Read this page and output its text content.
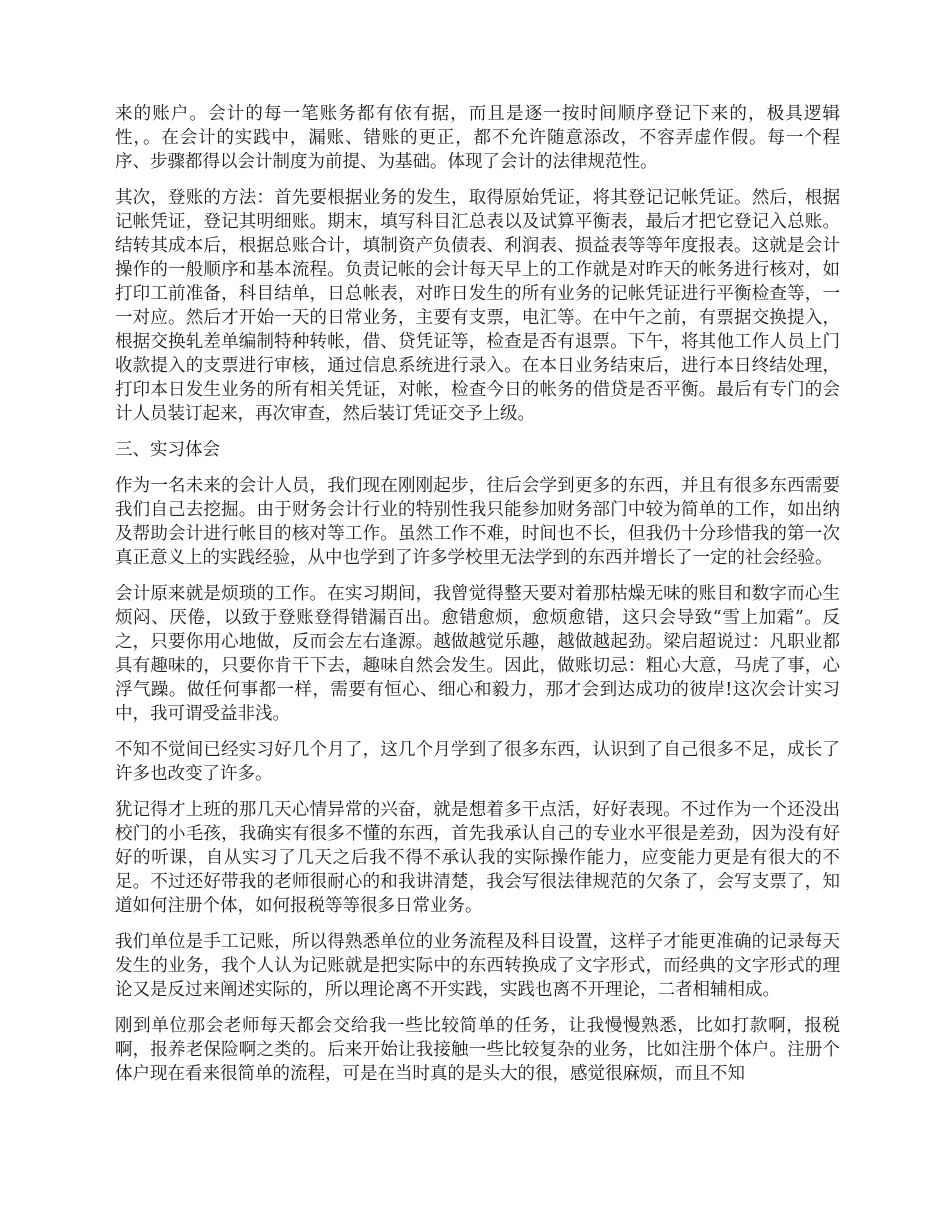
来的账户。会计的每一笔账务都有依有据，而且是逐一按时间顺序登记下来的，极具逻辑性，。在会计的实践中，漏账、错账的更正，都不允许随意添改，不容弄虚作假。每一个程序、步骤都得以会计制度为前提、为基础。体现了会计的法律规范性。

其次，登账的方法：首先要根据业务的发生，取得原始凭证，将其登记记帐凭证。然后，根据记帐凭证，登记其明细账。期末，填写科目汇总表以及试算平衡表，最后才把它登记入总账。结转其成本后，根据总账合计，填制资产负债表、利润表、损益表等等年度报表。这就是会计操作的一般顺序和基本流程。负责记帐的会计每天早上的工作就是对昨天的帐务进行核对，如打印工前准备，科目结单，日总帐表，对昨日发生的所有业务的记帐凭证进行平衡检查等，一一对应。然后才开始一天的日常业务，主要有支票，电汇等。在中午之前，有票据交换提入，根据交换轧差单编制特种转帐，借、贷凭证等，检查是否有退票。下午，将其他工作人员上门收款提入的支票进行审核，通过信息系统进行录入。在本日业务结束后，进行本日终结处理，打印本日发生业务的所有相关凭证，对帐，检查今日的帐务的借贷是否平衡。最后有专门的会计人员装订起来，再次审查，然后装订凭证交予上级。

三、实习体会

作为一名未来的会计人员，我们现在刚刚起步，往后会学到更多的东西，并且有很多东西需要我们自己去挖掘。由于财务会计行业的特别性我只能参加财务部门中较为简单的工作，如出纳及帮助会计进行帐目的核对等工作。虽然工作不难，时间也不长，但我仍十分珍惜我的第一次真正意义上的实践经验，从中也学到了许多学校里无法学到的东西并增长了一定的社会经验。

会计原来就是烦琐的工作。在实习期间，我曾觉得整天要对着那枯燥无味的账目和数字而心生烦闷、厌倦，以致于登账登得错漏百出。愈错愈烦，愈烦愈错，这只会导致“雪上加霜”。反之，只要你用心地做，反而会左右逢源。越做越觉乐趣，越做越起劲。梁启超说过：凡职业都具有趣味的，只要你肯干下去，趣味自然会发生。因此，做账切忌：粗心大意，马虎了事，心浮气躁。做任何事都一样，需要有恒心、细心和毅力，那才会到达成功的彼岸!这次会计实习中，我可谓受益非浅。

不知不觉间已经实习好几个月了，这几个月学到了很多东西，认识到了自己很多不足，成长了许多也改变了许多。

犹记得才上班的那几天心情异常的兴奋，就是想着多干点活，好好表现。不过作为一个还没出校门的小毛孩，我确实有很多不懂的东西，首先我承认自己的专业水平很是差劲，因为没有好好的听课，自从实习了几天之后我不得不承认我的实际操作能力，应变能力更是有很大的不足。不过还好带我的老师很耐心的和我讲清楚，我会写很法律规范的欠条了，会写支票了，知道如何注册个体，如何报税等等很多日常业务。

我们单位是手工记账，所以得熟悉单位的业务流程及科目设置，这样子才能更准确的记录每天发生的业务，我个人认为记账就是把实际中的东西转换成了文字形式，而经典的文字形式的理论又是反过来阐述实际的，所以理论离不开实践，实践也离不开理论，二者相辅相成。

刚到单位那会老师每天都会交给我一些比较简单的任务，让我慢慢熟悉，比如打款啊，报税啊，报养老保险啊之类的。后来开始让我接触一些比较复杂的业务，比如注册个体户。注册个体户现在看来很简单的流程，可是在当时真的是头大的很，感觉很麻烦，而且不知
